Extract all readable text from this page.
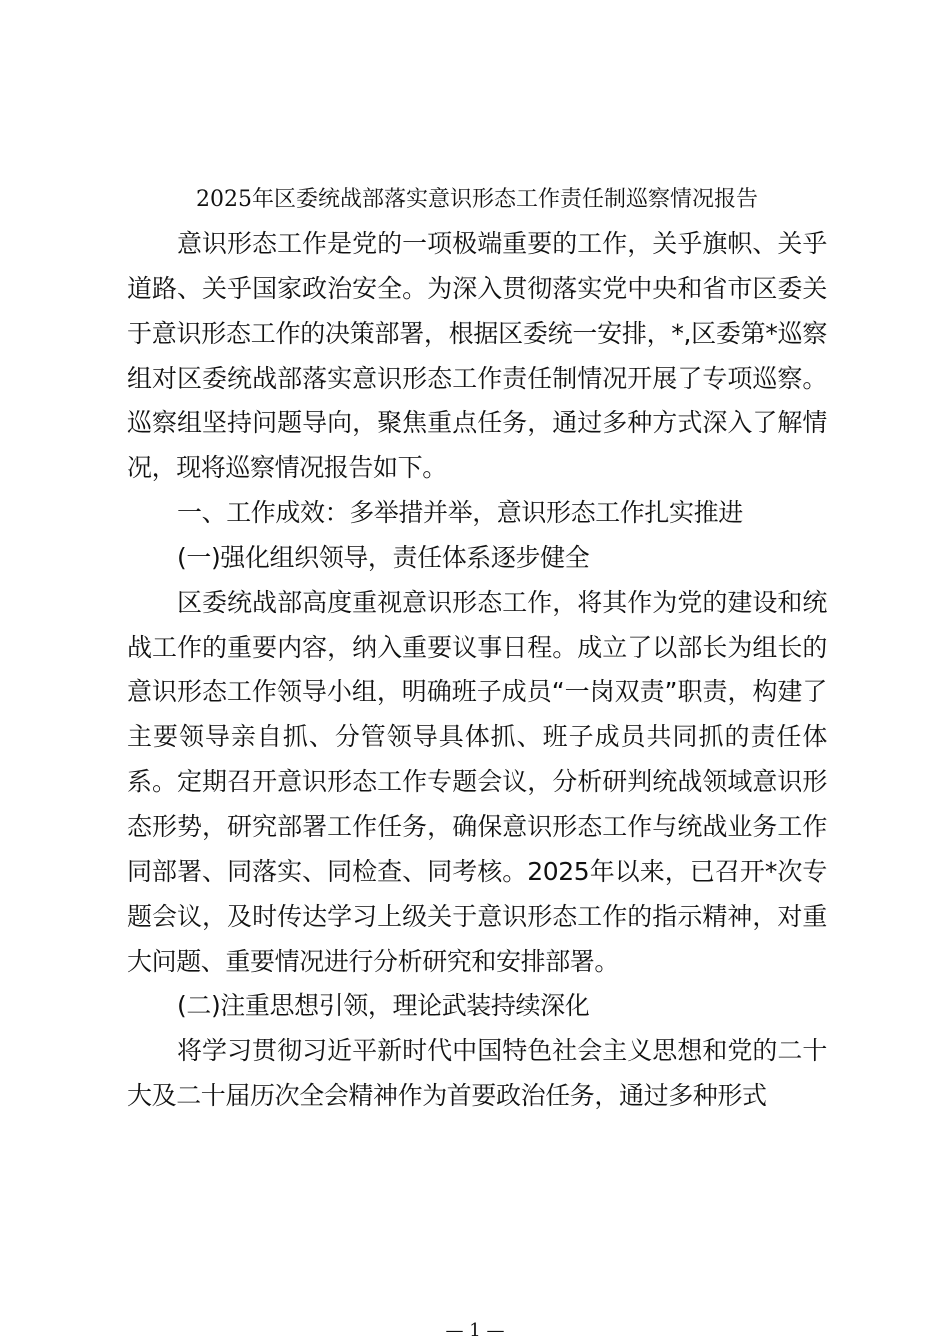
2025年区委统战部落实意识形态工作责任制巡察情况报告

意识形态工作是党的一项极端重要的工作，关乎旗帜、关乎道路、关乎国家政治安全。为深入贯彻落实党中央和省市区委关于意识形态工作的决策部署，根据区委统一安排，*,区委第*巡察组对区委统战部落实意识形态工作责任制情况开展了专项巡察。巡察组坚持问题导向，聚焦重点任务，通过多种方式深入了解情况，现将巡察情况报告如下。

一、工作成效：多举措并举，意识形态工作扎实推进

(一)强化组织领导，责任体系逐步健全

区委统战部高度重视意识形态工作，将其作为党的建设和统战工作的重要内容，纳入重要议事日程。成立了以部长为组长的意识形态工作领导小组，明确班子成员“一岗双责”职责，构建了主要领导亲自抓、分管领导具体抓、班子成员共同抓的责任体系。定期召开意识形态工作专题会议，分析研判统战领域意识形态形势，研究部署工作任务，确保意识形态工作与统战业务工作同部署、同落实、同检查、同考核。2025年以来，已召开*次专题会议，及时传达学习上级关于意识形态工作的指示精神，对重大问题、重要情况进行分析研究和安排部署。

(二)注重思想引领，理论武装持续深化

将学习贯彻习近平新时代中国特色社会主义思想和党的二十大及二十届历次全会精神作为首要政治任务，通过多种形式

— 1 —
